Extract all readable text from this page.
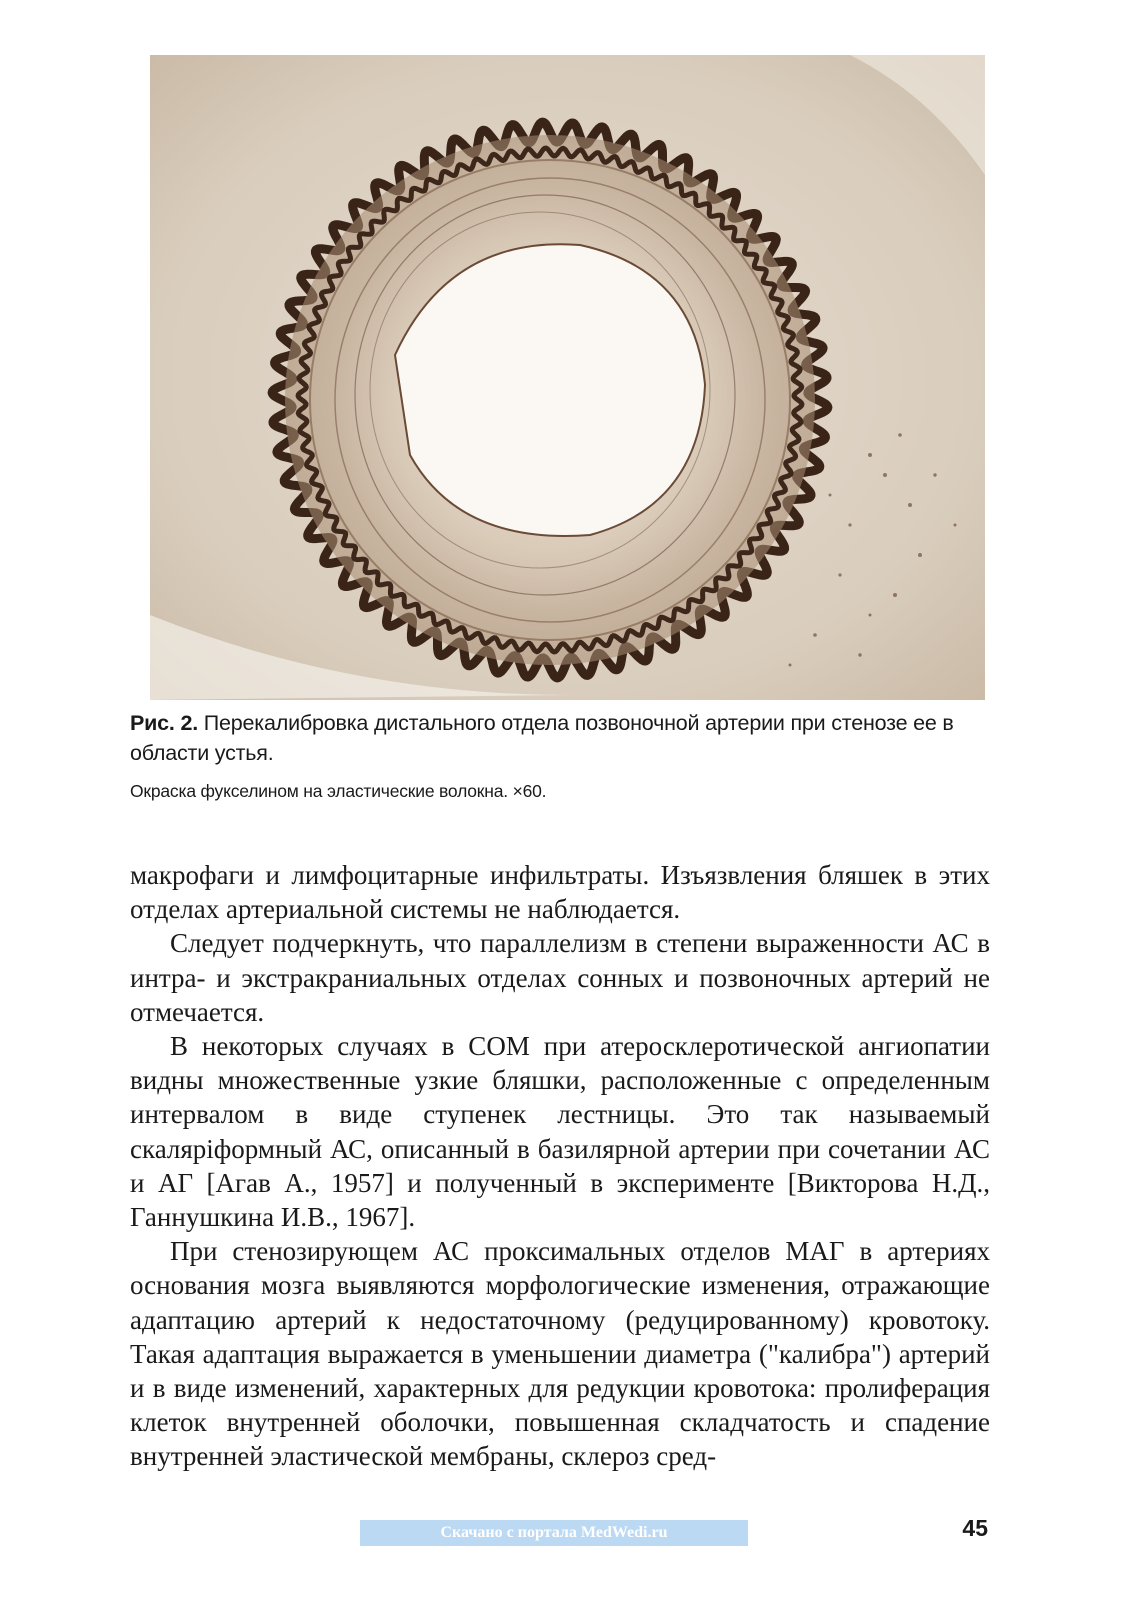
Рис. 2. Перекалибровка дистального отдела позвоночной артерии при стенозе ее в области устья.

Окраска фукселином на эластические волокна. ×60.

макрофаги и лимфоцитарные инфильтраты. Изъязвления бляшек в этих отделах артериальной системы не наблюдается.

Следует подчеркнуть, что параллелизм в степени выраженности АС в интра- и экстракраниальных отделах сонных и позвоночных артерий не отмечается.

В некоторых случаях в СОМ при атеросклеротической ангиопатии видны множественные узкие бляшки, расположенные с определенным интервалом в виде ступенек лестницы. Это так называемый скалярiформный АС, описанный в базилярной артерии при сочетании АС и АГ [Агав А., 1957] и полученный в эксперименте [Викторова Н.Д., Ганнушкина И.В., 1967].

При стенозирующем АС проксимальных отделов МАГ в артериях основания мозга выявляются морфологические изменения, отражающие адаптацию артерий к недостаточному (редуцированному) кровотоку. Такая адаптация выражается в уменьшении диаметра ("калибра") артерий и в виде изменений, характерных для редукции кровотока: пролиферация клеток внутренней оболочки, повышенная складчатость и спадение внутренней эластической мембраны, склероз сред-

Скачано с портала MedWedi.ru	45
